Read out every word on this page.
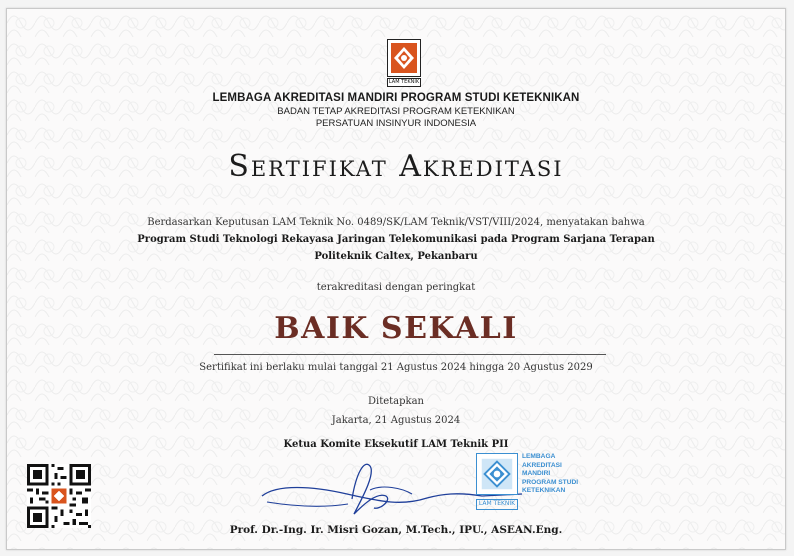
LAM TEKNIK
LEMBAGA AKREDITASI MANDIRI PROGRAM STUDI KETEKNIKAN
BADAN TETAP AKREDITASI PROGRAM KETEKNIKAN
PERSATUAN INSINYUR INDONESIA
Sertifikat Akreditasi
Berdasarkan Keputusan LAM Teknik No. 0489/SK/LAM Teknik/VST/VIII/2024, menyatakan bahwa
Program Studi Teknologi Rekayasa Jaringan Telekomunikasi pada Program Sarjana Terapan
Politeknik Caltex, Pekanbaru
terakreditasi dengan peringkat
BAIK SEKALI
Sertifikat ini berlaku mulai tanggal 21 Agustus 2024 hingga 20 Agustus 2029
Ditetapkan
Jakarta, 21 Agustus 2024
Ketua Komite Eksekutif LAM Teknik PII
LAM TEKNIK
LEMBAGA
AKREDITASI
MANDIRI
PROGRAM STUDI
KETEKNIKAN
Prof. Dr.-Ing. Ir. Misri Gozan, M.Tech., IPU., ASEAN.Eng.
